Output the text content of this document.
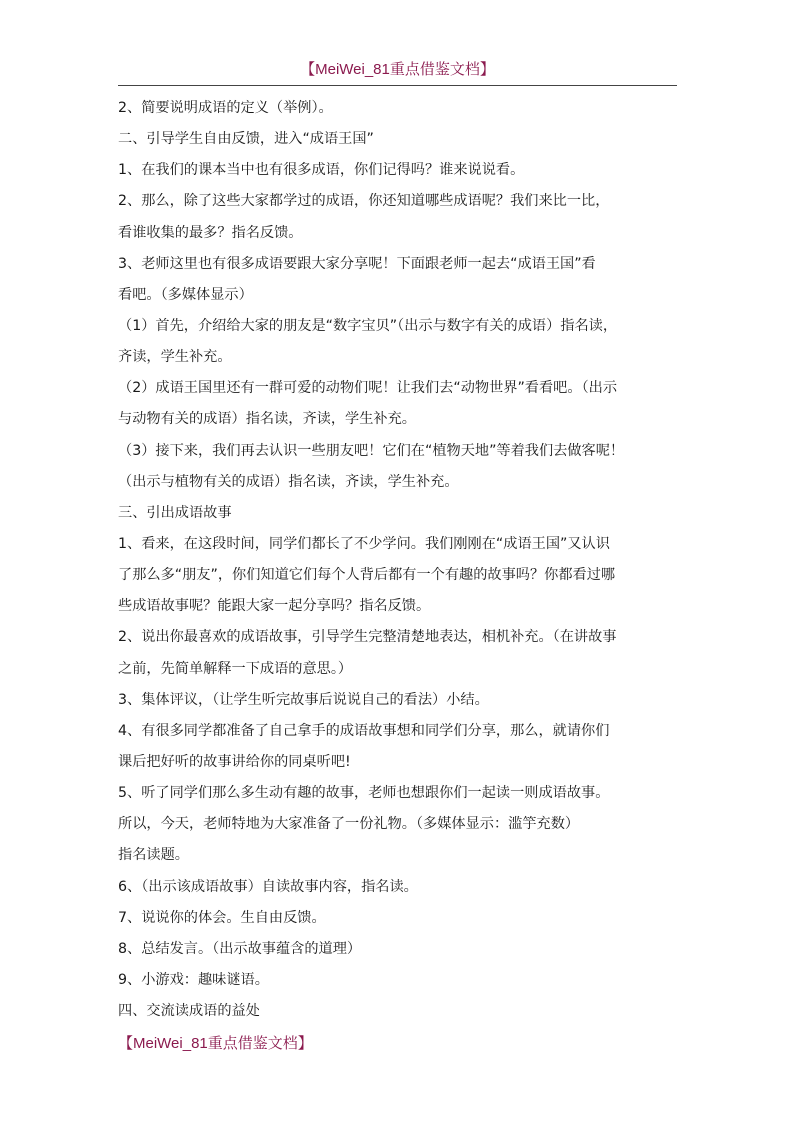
【MeiWei_81重点借鉴文档】
2、简要说明成语的定义（举例）。
二、引导学生自由反馈，进入“成语王国”
1、在我们的课本当中也有很多成语，你们记得吗？谁来说说看。
2、那么，除了这些大家都学过的成语，你还知道哪些成语呢？我们来比一比，
看谁收集的最多？指名反馈。
3、老师这里也有很多成语要跟大家分享呢！下面跟老师一起去“成语王国”看
看吧。（多媒体显示）
（1）首先，介绍给大家的朋友是“数字宝贝”（出示与数字有关的成语）指名读，
齐读，学生补充。
（2）成语王国里还有一群可爱的动物们呢！让我们去“动物世界”看看吧。（出示
与动物有关的成语）指名读，齐读，学生补充。
（3）接下来，我们再去认识一些朋友吧！它们在“植物天地”等着我们去做客呢！
（出示与植物有关的成语）指名读，齐读，学生补充。
三、引出成语故事
1、看来，在这段时间，同学们都长了不少学问。我们刚刚在“成语王国”又认识
了那么多“朋友”，你们知道它们每个人背后都有一个有趣的故事吗？你都看过哪
些成语故事呢？能跟大家一起分享吗？指名反馈。
2、说出你最喜欢的成语故事，引导学生完整清楚地表达，相机补充。（在讲故事
之前，先简单解释一下成语的意思。）
3、集体评议，（让学生听完故事后说说自己的看法）小结。
4、有很多同学都准备了自己拿手的成语故事想和同学们分享，那么，就请你们
课后把好听的故事讲给你的同桌听吧!
5、听了同学们那么多生动有趣的故事，老师也想跟你们一起读一则成语故事。
所以，今天，老师特地为大家准备了一份礼物。（多媒体显示：滥竽充数）
指名读题。
6、（出示该成语故事）自读故事内容，指名读。
7、说说你的体会。生自由反馈。
8、总结发言。（出示故事蕴含的道理）
9、小游戏：趣味谜语。
四、交流读成语的益处
【MeiWei_81重点借鉴文档】
